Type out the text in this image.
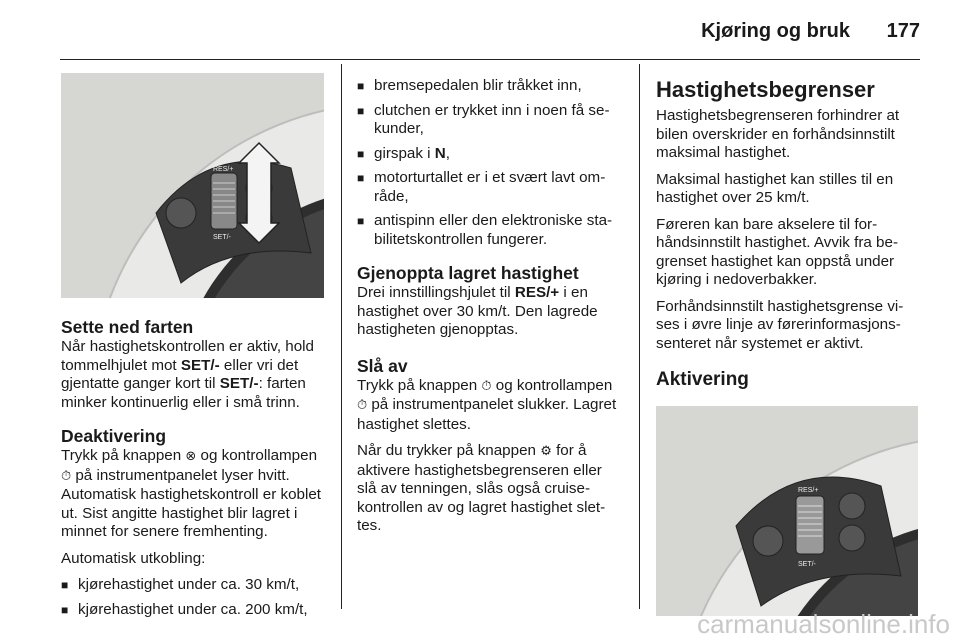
Kjøring og bruk 177
RES/+
SET/-
Sette ned farten

Når hastighetskontrollen er aktiv, hold tommelhjulet mot SET/- eller vri det gjentatte ganger kort til SET/-: farten minker kontinuerlig eller i små trinn.

Deaktivering

Trykk på knappen ⊗ og kontrollampen ⏱ på instrumentpanelet lyser hvitt. Automatisk hastighetskontroll er koblet ut. Sist angitte hastighet blir lagret i minnet for senere fremhenting.

Automatisk utkobling:

■ kjørehastighet under ca. 30 km/t,
■ kjørehastighet under ca. 200 km/t,
■ bremsepedalen blir tråkket inn,
■ clutchen er trykket inn i noen få sekunder,
■ girspak i N,
■ motorturtallet er i et svært lavt område,
■ antispinn eller den elektroniske stabilitetskontrollen fungerer.
Gjenoppta lagret hastighet

Drei innstillingshjulet til RES/+ i en hastighet over 30 km/t. Den lagrede hastigheten gjenopptas.

Slå av

Trykk på knappen ⏱ og kontrollampen ⏱ på instrumentpanelet slukker. Lagret hastighet slettes.

Når du trykker på knappen ⚙ for å aktivere hastighetsbegrenseren eller slå av tenningen, slås også cruisekontrollen av og lagret hastighet slettes.

Hastighetsbegrenser

Hastighetsbegrenseren forhindrer at bilen overskrider en forhåndsinnstilt maksimal hastighet.

Maksimal hastighet kan stilles til en hastighet over 25 km/t.

Føreren kan bare akselere til forhåndsinnstilt hastighet. Avvik fra begrenset hastighet kan oppstå under kjøring i nedoverbakker.

Forhåndsinnstilt hastighetsgrense vises i øvre linje av førerinformasjonssenteret når systemet er aktivt.

Aktivering
RES/+
SET/-
carmanualsonline.info
